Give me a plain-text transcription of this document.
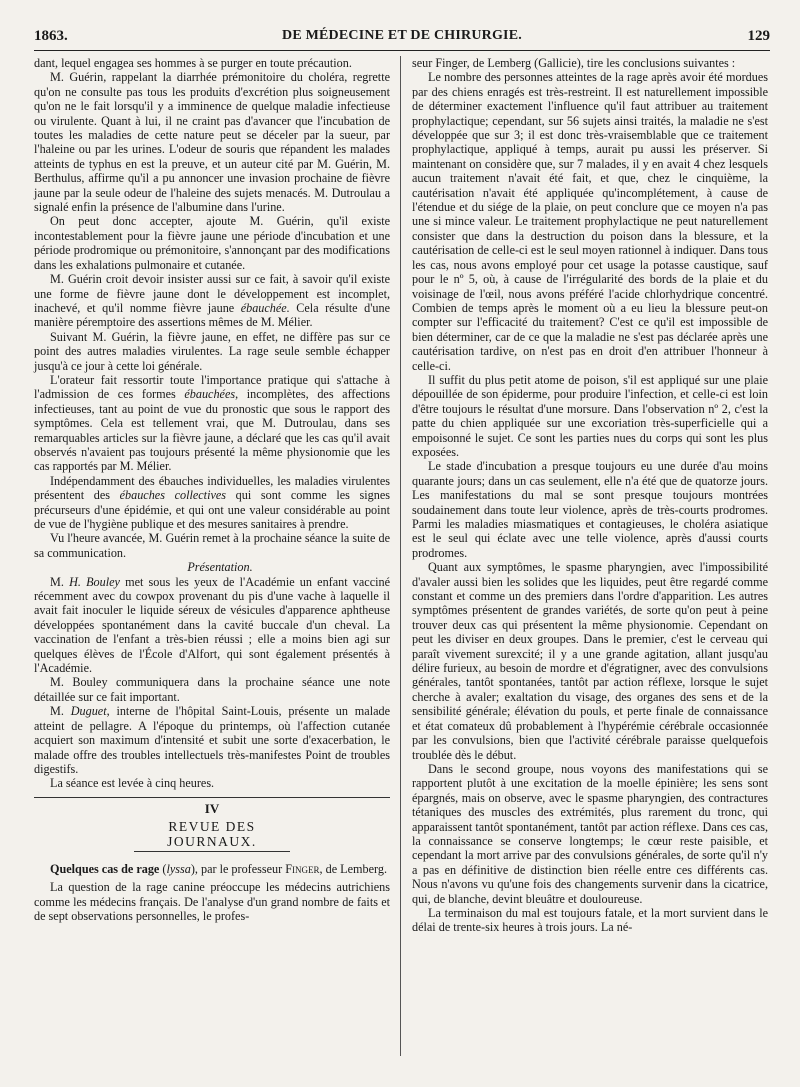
1863.	DE MÉDECINE ET DE CHIRURGIE.	129

dant, lequel engagea ses hommes à se purger en toute précaution.

M. Guérin, rappelant la diarrhée prémonitoire du choléra, regrette qu'on ne consulte pas tous les produits d'excrétion plus soigneusement qu'on ne le fait lorsqu'il y a imminence de quelque maladie infectieuse ou virulente. Quant à lui, il ne craint pas d'avancer que l'incubation de toutes les maladies de cette nature peut se déceler par la sueur, par l'haleine ou par les urines. L'odeur de souris que répandent les malades atteints de typhus en est la preuve, et un auteur cité par M. Guérin, M. Berthulus, affirme qu'il a pu annoncer une invasion prochaine de fièvre jaune par la seule odeur de l'haleine des sujets menacés. M. Dutroulau a signalé enfin la présence de l'albumine dans l'urine.

On peut donc accepter, ajoute M. Guérin, qu'il existe incontestablement pour la fièvre jaune une période d'incubation et une période prodromique ou prémonitoire, s'annonçant par des modifications dans les exhalations pulmonaire et cutanée.

M. Guérin croit devoir insister aussi sur ce fait, à savoir qu'il existe une forme de fièvre jaune dont le développement est incomplet, inachevé, et qu'il nomme fièvre jaune ébauchée. Cela résulte d'une manière péremptoire des assertions mêmes de M. Mélier.

Suivant M. Guérin, la fièvre jaune, en effet, ne diffère pas sur ce point des autres maladies virulentes. La rage seule semble échapper jusqu'à ce jour à cette loi générale.

L'orateur fait ressortir toute l'importance pratique qui s'attache à l'admission de ces formes ébauchées, incomplètes, des affections infectieuses, tant au point de vue du pronostic que sous le rapport des symptômes. Cela est tellement vrai, que M. Dutroulau, dans ses remarquables articles sur la fièvre jaune, a déclaré que les cas qu'il avait observés n'avaient pas toujours présenté la même physionomie que les cas rapportés par M. Mélier.

Indépendamment des ébauches individuelles, les maladies virulentes présentent des ébauches collectives qui sont comme les signes précurseurs d'une épidémie, et qui ont une valeur considérable au point de vue de l'hygiène publique et des mesures sanitaires à prendre.

Vu l'heure avancée, M. Guérin remet à la prochaine séance la suite de sa communication.

Présentation.

M. H. Bouley met sous les yeux de l'Académie un enfant vacciné récemment avec du cowpox provenant du pis d'une vache à laquelle il avait fait inoculer le liquide séreux de vésicules d'apparence aphtheuse développées spontanément dans la cavité buccale d'un cheval. La vaccination de l'enfant a très-bien réussi ; elle a moins bien agi sur quelques élèves de l'École d'Alfort, qui sont également présentés à l'Académie.

M. Bouley communiquera dans la prochaine séance une note détaillée sur ce fait important.

M. Duguet, interne de l'hôpital Saint-Louis, présente un malade atteint de pellagre. A l'époque du printemps, où l'affection cutanée acquiert son maximum d'intensité et subit une sorte d'exacerbation, le malade offre des troubles intellectuels très-manifestes Point de troubles digestifs.

La séance est levée à cinq heures.

IV
REVUE DES JOURNAUX.

Quelques cas de rage (lyssa), par le professeur Finger, de Lemberg.

La question de la rage canine préoccupe les médecins autrichiens comme les médecins français. De l'analyse d'un grand nombre de faits et de sept observations personnelles, le profes-

seur Finger, de Lemberg (Gallicie), tire les conclusions suivantes :

Le nombre des personnes atteintes de la rage après avoir été mordues par des chiens enragés est très-restreint. Il est naturellement impossible de déterminer exactement l'influence qu'il faut attribuer au traitement prophylactique; cependant, sur 56 sujets ainsi traités, la maladie ne s'est développée que sur 3; il est donc très-vraisemblable que ce traitement prophylactique, appliqué à temps, aurait pu aussi les préserver. Si maintenant on considère que, sur 7 malades, il y en avait 4 chez lesquels aucun traitement n'avait été fait, et que, chez le cinquième, la cautérisation n'avait été appliquée qu'incomplétement, à cause de l'étendue et du siége de la plaie, on peut conclure que ce moyen n'a pas une si mince valeur. Le traitement prophylactique ne peut naturellement consister que dans la destruction du poison dans la blessure, et la cautérisation de celle-ci est le seul moyen rationnel à indiquer. Dans tous les cas, nous avons employé pour cet usage la potasse caustique, sauf pour le nº 5, où, à cause de l'irrégularité des bords de la plaie et du voisinage de l'œil, nous avons préféré l'acide chlorhydrique concentré. Combien de temps après le moment où a eu lieu la blessure peut-on compter sur l'efficacité du traitement? C'est ce qu'il est impossible de bien déterminer, car de ce que la maladie ne s'est pas déclarée après une cautérisation tardive, on n'est pas en droit d'en attribuer l'honneur à celle-ci.

Il suffit du plus petit atome de poison, s'il est appliqué sur une plaie dépouillée de son épiderme, pour produire l'infection, et celle-ci est loin d'être toujours le résultat d'une morsure. Dans l'observation nº 2, c'est la patte du chien appliquée sur une excoriation très-superficielle qui a empoisonné le sujet. Ce sont les parties nues du corps qui sont les plus exposées.

Le stade d'incubation a presque toujours eu une durée d'au moins quarante jours; dans un cas seulement, elle n'a été que de quatorze jours. Les manifestations du mal se sont presque toujours montrées soudainement dans toute leur violence, après de très-courts prodromes. Parmi les maladies miasmatiques et contagieuses, le choléra asiatique est le seul qui éclate avec une telle violence, après d'aussi courts prodromes.

Quant aux symptômes, le spasme pharyngien, avec l'impossibilité d'avaler aussi bien les solides que les liquides, peut être regardé comme constant et comme un des premiers dans l'ordre d'apparition. Les autres symptômes présentent de grandes variétés, de sorte qu'on peut à peine trouver deux cas qui présentent la même physionomie. Cependant on peut les diviser en deux groupes. Dans le premier, c'est le cerveau qui paraît vivement surexcité; il y a une grande agitation, allant jusqu'au délire furieux, au besoin de mordre et d'égratigner, avec des convulsions générales, tantôt spontanées, tantôt par action réflexe, lorsque le sujet cherche à avaler; exaltation du visage, des organes des sens et de la sensibilité générale; élévation du pouls, et perte finale de connaissance et état comateux dû probablement à l'hypérémie cérébrale occasionnée par les convulsions, bien que l'activité cérébrale paraisse quelquefois troublée dès le début.

Dans le second groupe, nous voyons des manifestations qui se rapportent plutôt à une excitation de la moelle épinière; les sens sont épargnés, mais on observe, avec le spasme pharyngien, des contractures tétaniques des muscles des extrémités, plus rarement du tronc, qui apparaissent tantôt spontanément, tantôt par action réflexe. Dans ces cas, la connaissance se conserve longtemps; le cœur reste paisible, et cependant la mort arrive par des convulsions générales, de sorte qu'il n'y a pas en définitive de distinction bien réelle entre ces différents cas. Nous n'avons vu qu'une fois des changements survenir dans la cicatrice, qui, de blanche, devint bleuâtre et douloureuse.

La terminaison du mal est toujours fatale, et la mort survient dans le délai de trente-six heures à trois jours. La né-
